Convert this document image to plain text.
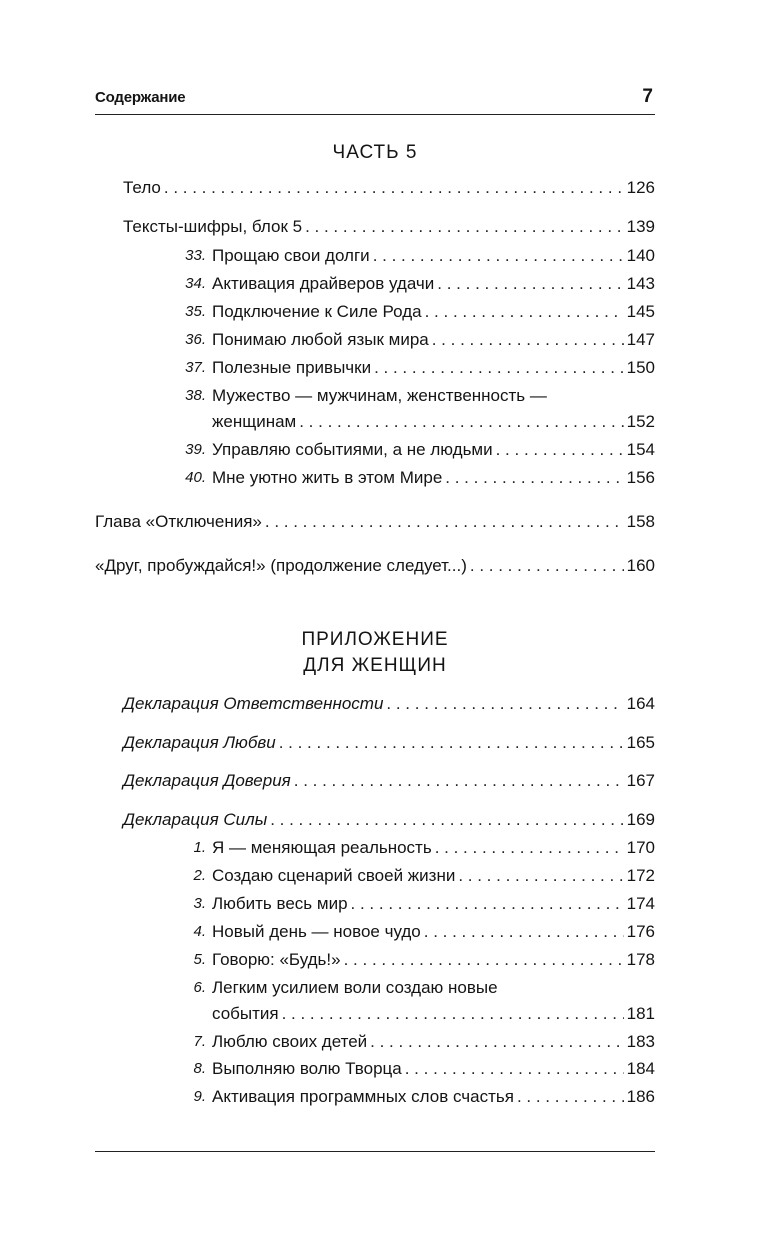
Содержание	7
ЧАСТЬ 5
Тело . . .	126
Тексты-шифры, блок 5 . . .	139
33. Прощаю свои долги . . .	140
34. Активация драйверов удачи . . .	143
35. Подключение к Силе Рода . . .	145
36. Понимаю любой язык мира . . .	147
37. Полезные привычки . . .	150
38. Мужество — мужчинам, женственность —
женщинам . . .	152
39. Управляю событиями, а не людьми . . .	154
40. Мне уютно жить в этом Мире . . .	156
Глава «Отключения» . . .	158
«Друг, пробуждайся!» (продолжение следует...) . . .	160
ПРИЛОЖЕНИЕ
ДЛЯ ЖЕНЩИН
Декларация Ответственности . . .	164
Декларация Любви . . .	165
Декларация Доверия . . .	167
Декларация Силы . . .	169
1. Я — меняющая реальность . . .	170
2. Создаю сценарий своей жизни . . .	172
3. Любить весь мир . . .	174
4. Новый день — новое чудо . . .	176
5. Говорю: «Будь!» . . .	178
6. Легким усилием воли создаю новые
события . . .	181
7. Люблю своих детей . . .	183
8. Выполняю волю Творца . . .	184
9. Активация программных слов счастья . . .	186
